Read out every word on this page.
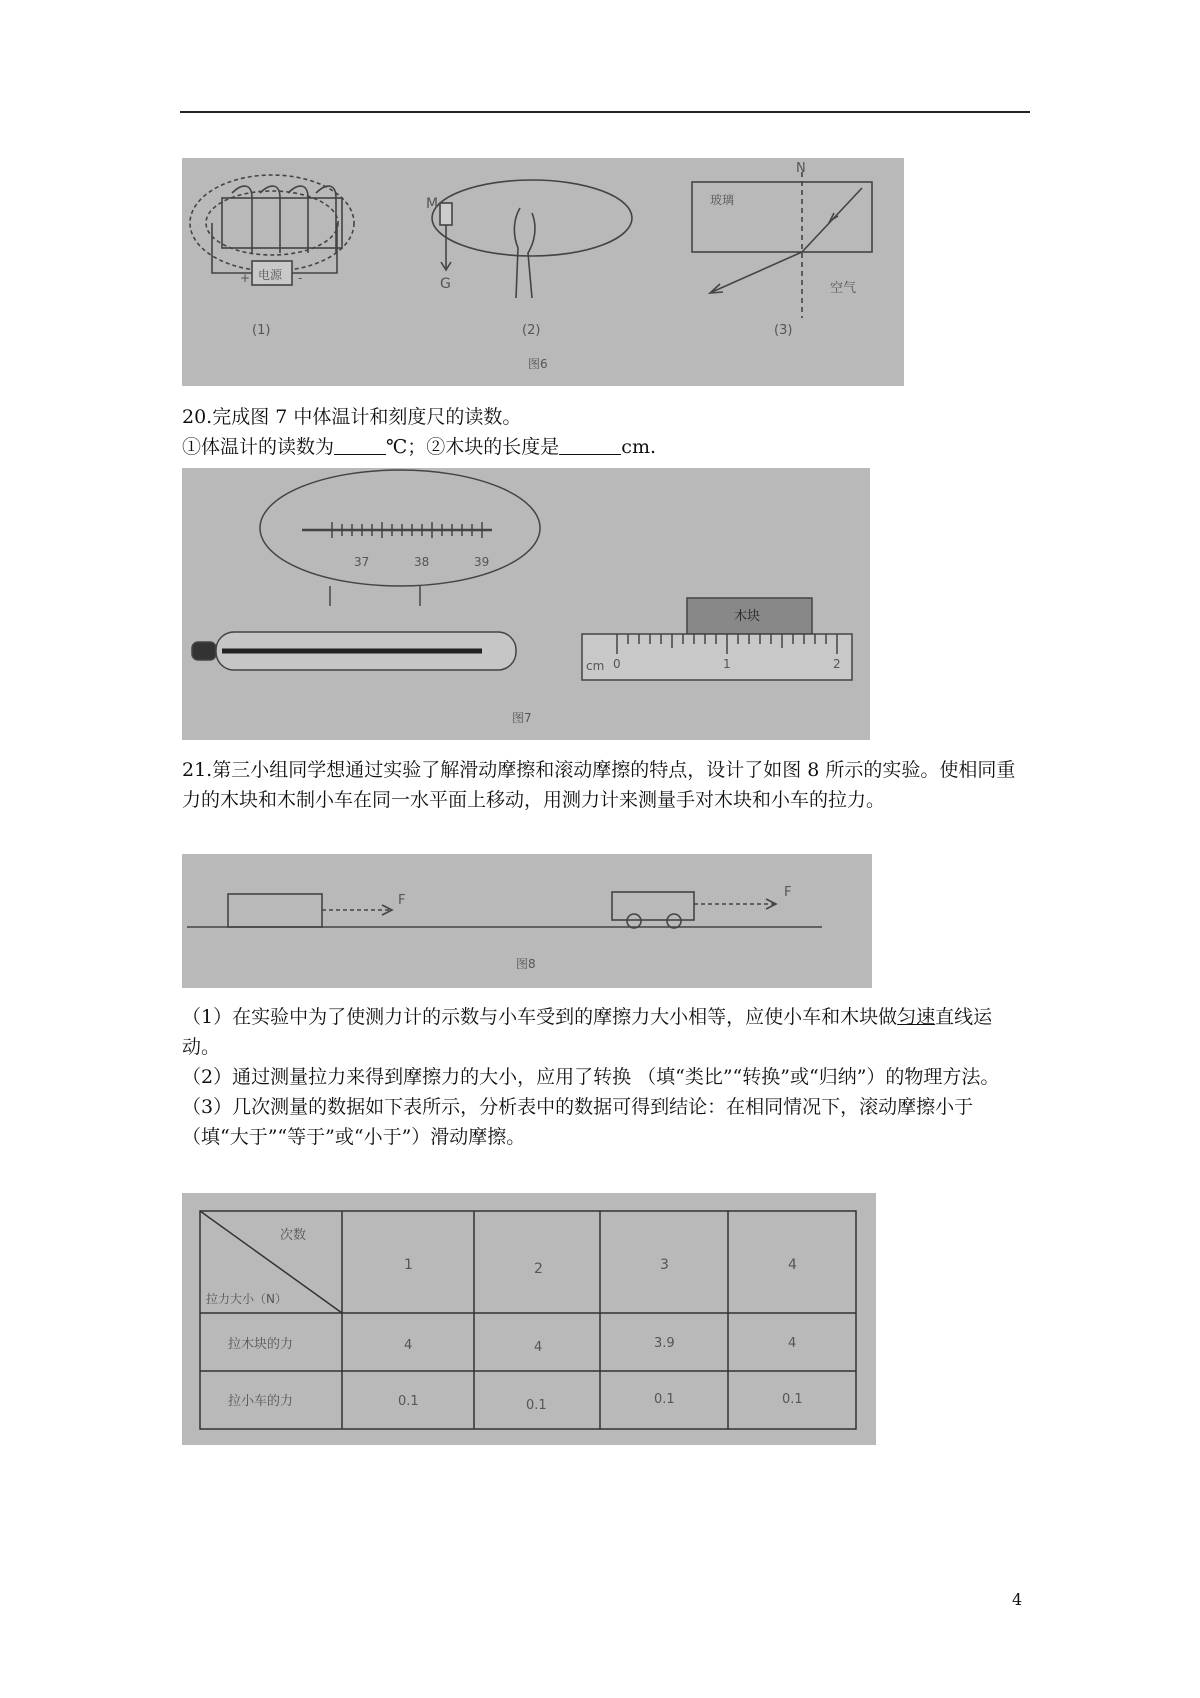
电源
+	-
(1)
M
G
(2)
玻璃
N
空气
(3)
图6
20.完成图 7 中体温计和刻度尺的读数。
①体温计的读数为	℃；②木块的长度是	cm.
37	38	39
木块
cm 0	1	2
图7
21.第三小组同学想通过实验了解滑动摩擦和滚动摩擦的特点，设计了如图 8 所示的实验。使相同重力的木块和木制小车在同一水平面上移动，用测力计来测量手对木块和小车的拉力。
F
F
图8
（1）在实验中为了使测力计的示数与小车受到的摩擦力大小相等，应使小车和木块做匀速直线运动。
（2）通过测量拉力来得到摩擦力的大小，应用了转换 （填“类比”“转换”或“归纳”）的物理方法。
（3）几次测量的数据如下表所示，分析表中的数据可得到结论：在相同情况下，滚动摩擦小于（填“大于”“等于”或“小于”）滑动摩擦。
次数
拉力大小（N）
1	2	3	4
拉木块的力	4	4	3.9	4
拉小车的力	0.1	0.1	0.1	0.1
4
